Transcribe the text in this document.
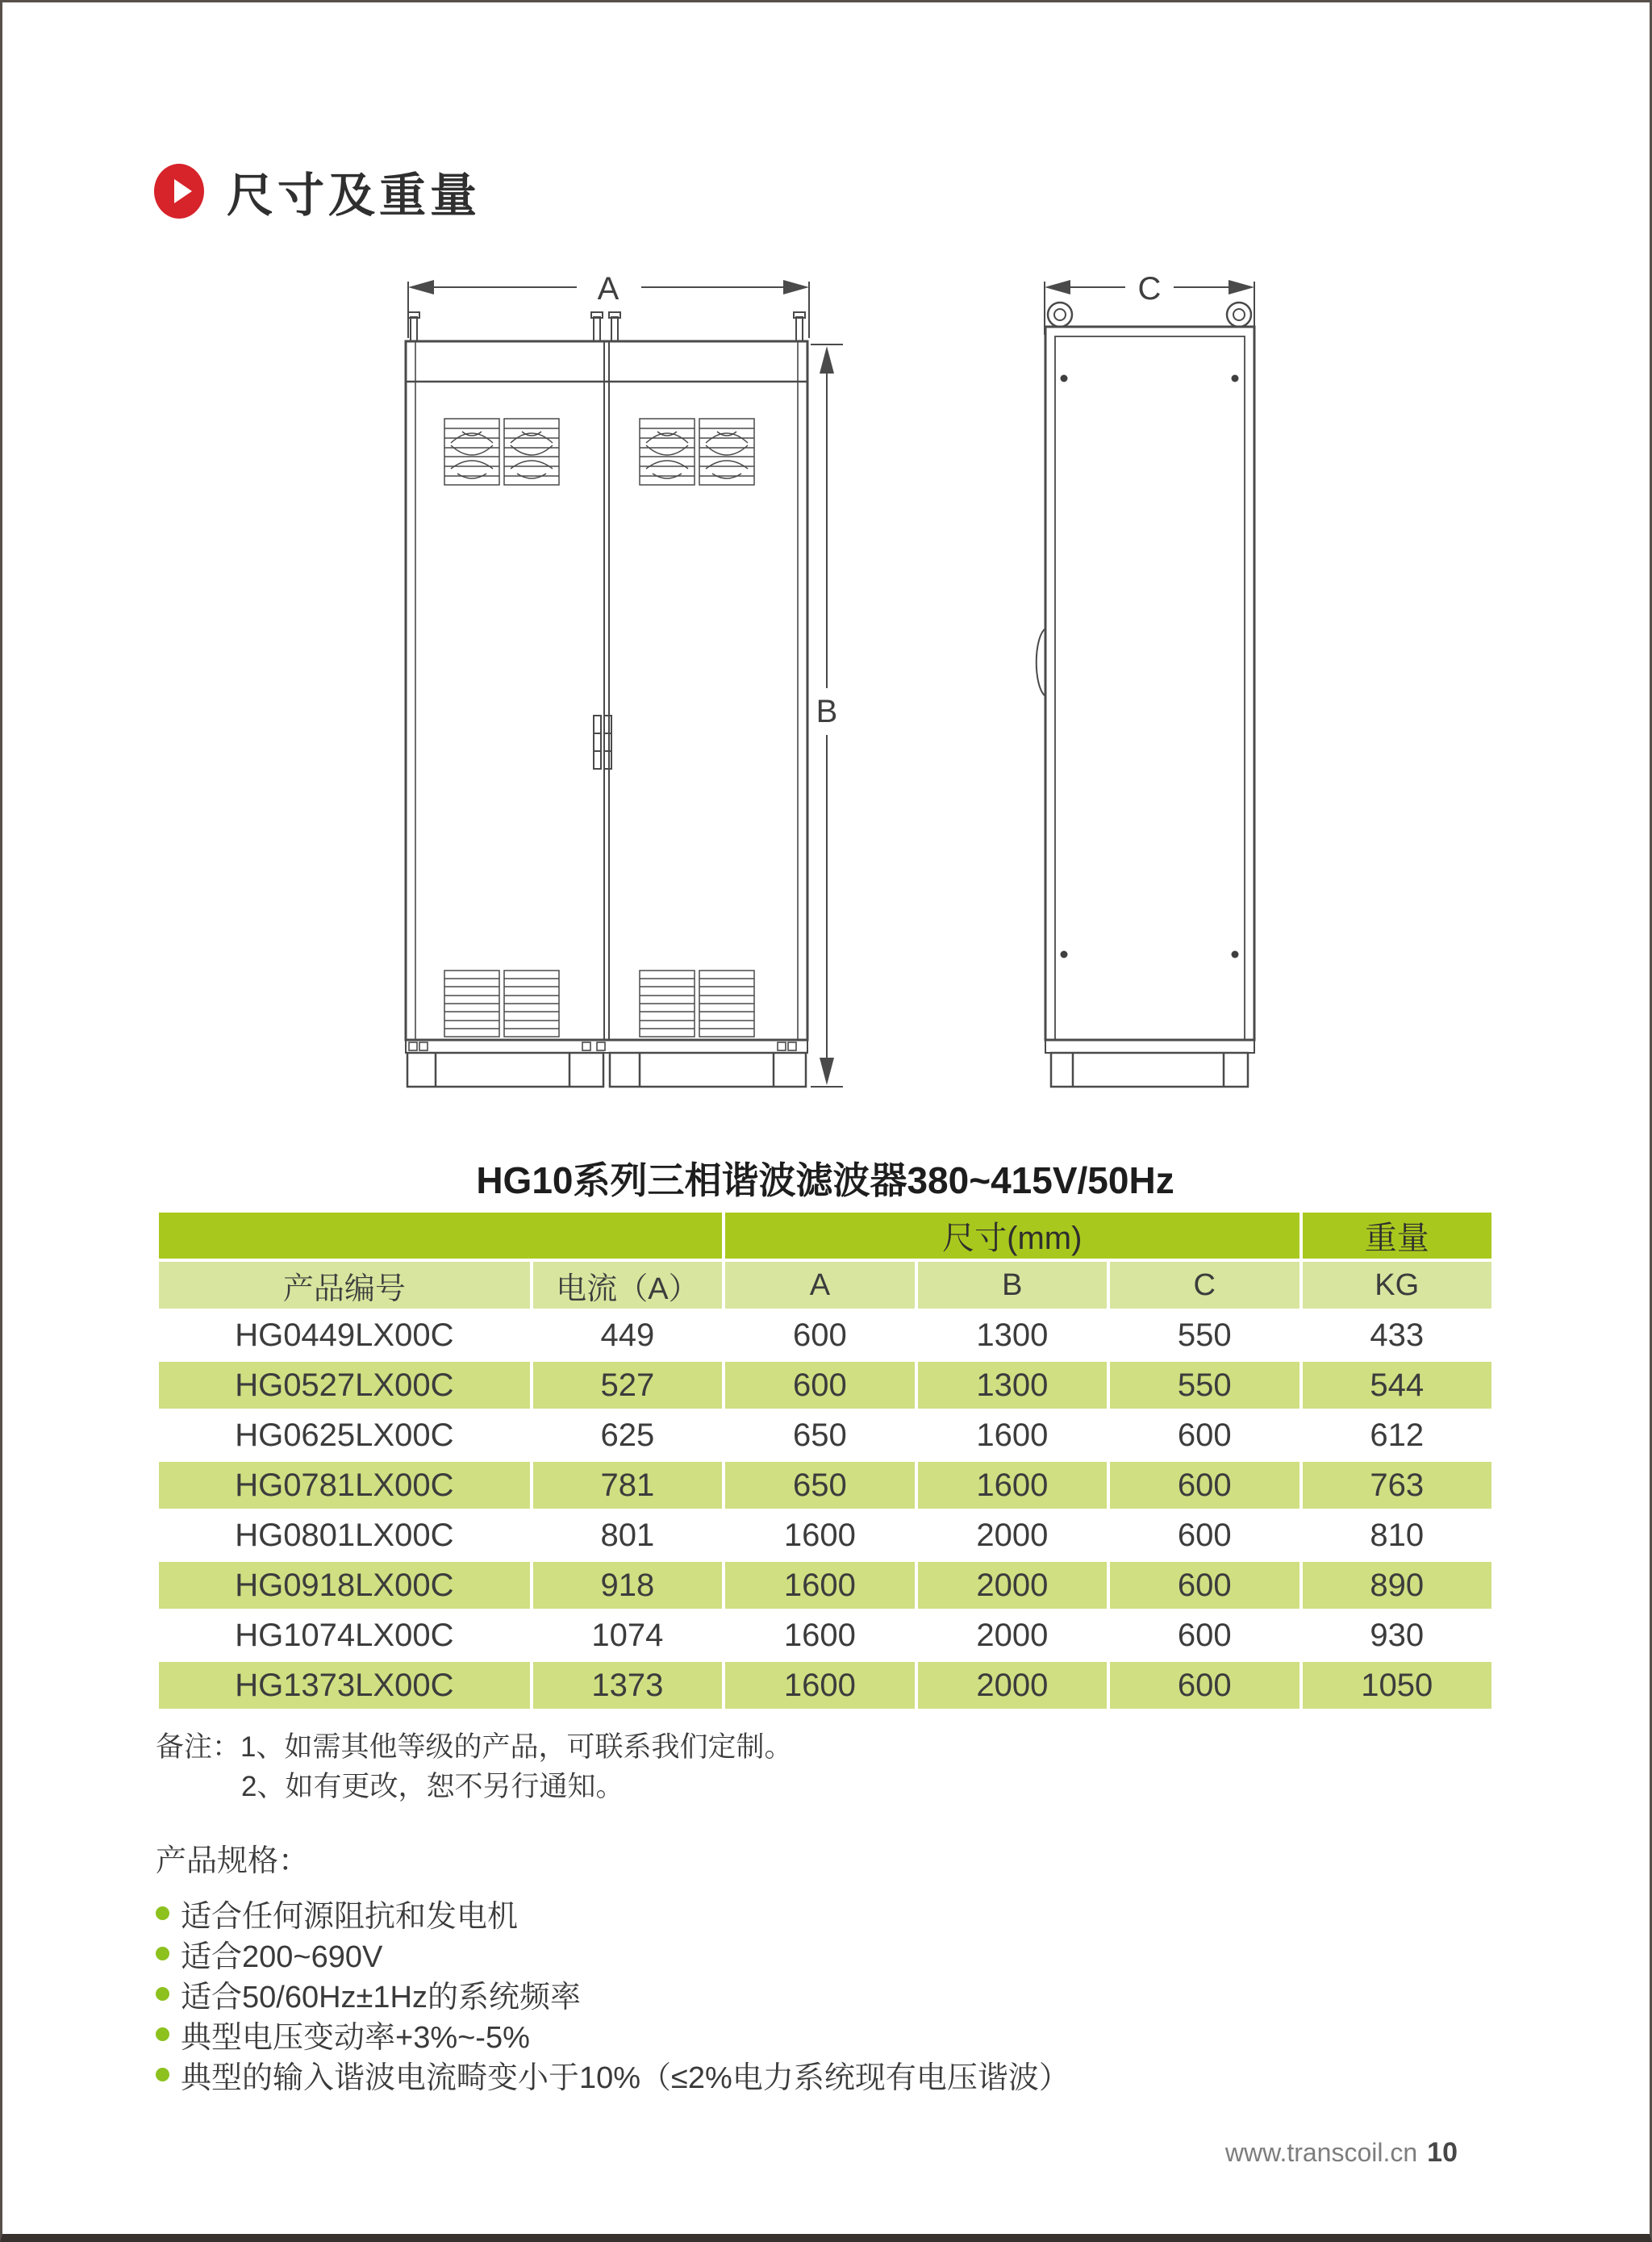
尺寸及重量
A
B
C
HG10系列三相谐波滤波器380~415V/50Hz
		尺寸(mm)			重量
产品编号	电流（A）	A	B	C	KG
HG0449LX00C	449	600	1300	550	433
HG0527LX00C	527	600	1300	550	544
HG0625LX00C	625	650	1600	600	612
HG0781LX00C	781	650	1600	600	763
HG0801LX00C	801	1600	2000	600	810
HG0918LX00C	918	1600	2000	600	890
HG1074LX00C	1074	1600	2000	600	930
HG1373LX00C	1373	1600	2000	600	1050
备注：1、如需其他等级的产品，可联系我们定制。
2、如有更改，恕不另行通知。
产品规格：
适合任何源阻抗和发电机
适合200~690V
适合50/60Hz±1Hz的系统频率
典型电压变动率+3%~-5%
典型的输入谐波电流畸变小于10%（≤2%电力系统现有电压谐波）
www.transcoil.cn 10
